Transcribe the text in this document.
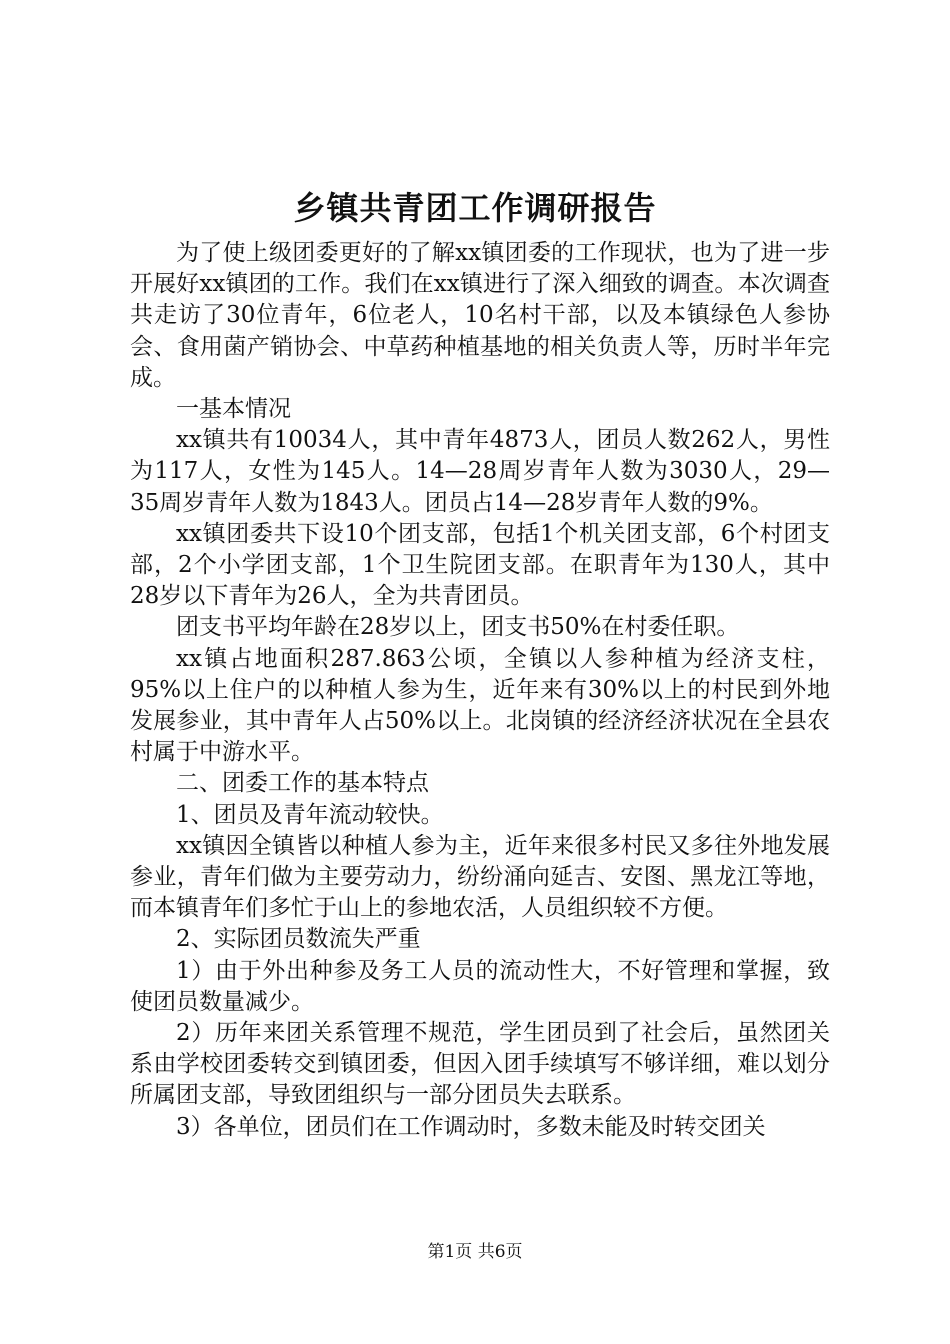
乡镇共青团工作调研报告

为了使上级团委更好的了解xx镇团委的工作现状，也为了进一步开展好xx镇团的工作。我们在xx镇进行了深入细致的调查。本次调查共走访了30位青年，6位老人，10名村干部，以及本镇绿色人参协会、食用菌产销协会、中草药种植基地的相关负责人等，历时半年完成。

一基本情况

xx镇共有10034人，其中青年4873人，团员人数262人，男性为117人，女性为145人。14—28周岁青年人数为3030人，29—35周岁青年人数为1843人。团员占14—28岁青年人数的9%。

xx镇团委共下设10个团支部，包括1个机关团支部，6个村团支部，2个小学团支部，1个卫生院团支部。在职青年为130人，其中28岁以下青年为26人，全为共青团员。

团支书平均年龄在28岁以上，团支书50%在村委任职。

xx镇占地面积287.863公顷，全镇以人参种植为经济支柱，95%以上住户的以种植人参为生，近年来有30%以上的村民到外地发展参业，其中青年人占50%以上。北岗镇的经济经济状况在全县农村属于中游水平。

二、团委工作的基本特点

1、团员及青年流动较快。

xx镇因全镇皆以种植人参为主，近年来很多村民又多往外地发展参业，青年们做为主要劳动力，纷纷涌向延吉、安图、黑龙江等地，而本镇青年们多忙于山上的参地农活，人员组织较不方便。

2、实际团员数流失严重

1）由于外出种参及务工人员的流动性大，不好管理和掌握，致使团员数量减少。

2）历年来团关系管理不规范，学生团员到了社会后，虽然团关系由学校团委转交到镇团委，但因入团手续填写不够详细，难以划分所属团支部，导致团组织与一部分团员失去联系。

3）各单位，团员们在工作调动时，多数未能及时转交团关

第1页 共6页
